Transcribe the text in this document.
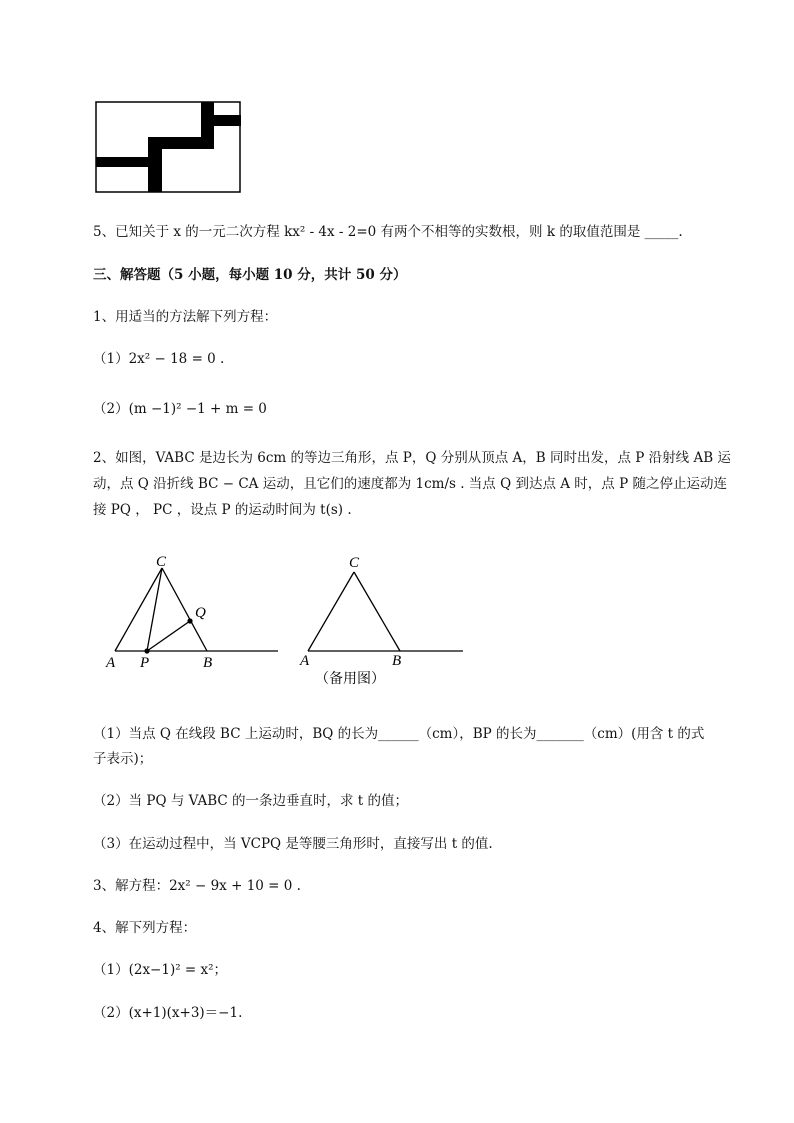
5、已知关于 x 的一元二次方程 kx² - 4x - 2=0 有两个不相等的实数根，则 k 的取值范围是 _____.
三、解答题（5 小题，每小题 10 分，共计 50 分）
1、用适当的方法解下列方程：
（1）2x² − 18 = 0 .
（2）(m −1)² −1 + m = 0
2、如图，VABC 是边长为 6cm 的等边三角形，点 P，Q 分别从顶点 A，B 同时出发，点 P 沿射线 AB 运
动，点 Q 沿折线 BC − CA 运动，且它们的速度都为 1cm/s . 当点 Q 到达点 A 时，点 P 随之停止运动连
接 PQ ， PC ，设点 P 的运动时间为 t(s) .
C
Q
A P	B
C
A	B
（备用图）
（1）当点 Q 在线段 BC 上运动时，BQ 的长为______（cm），BP 的长为_______（cm）(用含 t 的式
子表示)；
（2）当 PQ 与 VABC 的一条边垂直时，求 t 的值；
（3）在运动过程中，当 VCPQ 是等腰三角形时，直接写出 t 的值.
3、解方程：2x² − 9x + 10 = 0 .
4、解下列方程：
（1）(2x−1)² = x²；
（2）(x+1)(x+3)＝−1.
